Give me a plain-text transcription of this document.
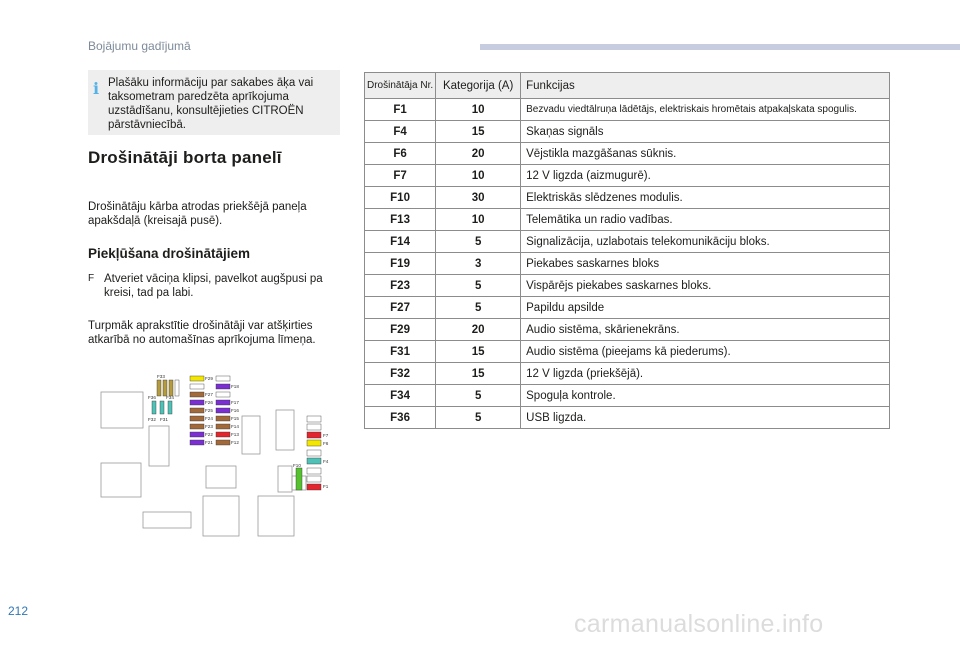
Bojājumu gadījumā
i Plašāku informāciju par sakabes āķa vai taksometram paredzēta aprīkojuma uzstādīšanu, konsultējieties CITROËN pārstāvniecībā.
Drošinātāji borta panelī
Drošinātāju kārba atrodas priekšējā paneļa apakšdaļā (kreisajā pusē).
Piekļūšana drošinātājiem
F Atveriet vāciņa klipsi, pavelkot augšpusi pa kreisi, tad pa labi.
Turpmāk aprakstītie drošinātāji var atšķirties atkarībā no automašīnas aprīkojuma līmeņa.
F33
F36 F34
F32 F31
F29
F18
F27
F26	F17
F25	F16
F24	F15
F23	F14
F22	F13
F21	F12
F7
F6
F4
F1
F10
Drošinātāja Nr.	Kategorija (A)	Funkcijas
F1	10	Bezvadu viedtālruņa lādētājs, elektriskais hromētais atpakaļskata spogulis.
F4	15	Skaņas signāls
F6	20	Vējstikla mazgāšanas sūknis.
F7	10	12 V ligzda (aizmugurē).
F10	30	Elektriskās slēdzenes modulis.
F13	10	Telemātika un radio vadības.
F14	5	Signalizācija, uzlabotais telekomunikāciju bloks.
F19	3	Piekabes saskarnes bloks
F23	5	Vispārējs piekabes saskarnes bloks.
F27	5	Papildu apsilde
F29	20	Audio sistēma, skārienekrāns.
F31	15	Audio sistēma (pieejams kā piederums).
F32	15	12 V ligzda (priekšējā).
F34	5	Spoguļa kontrole.
F36	5	USB ligzda.
212	carmanualsonline.info
